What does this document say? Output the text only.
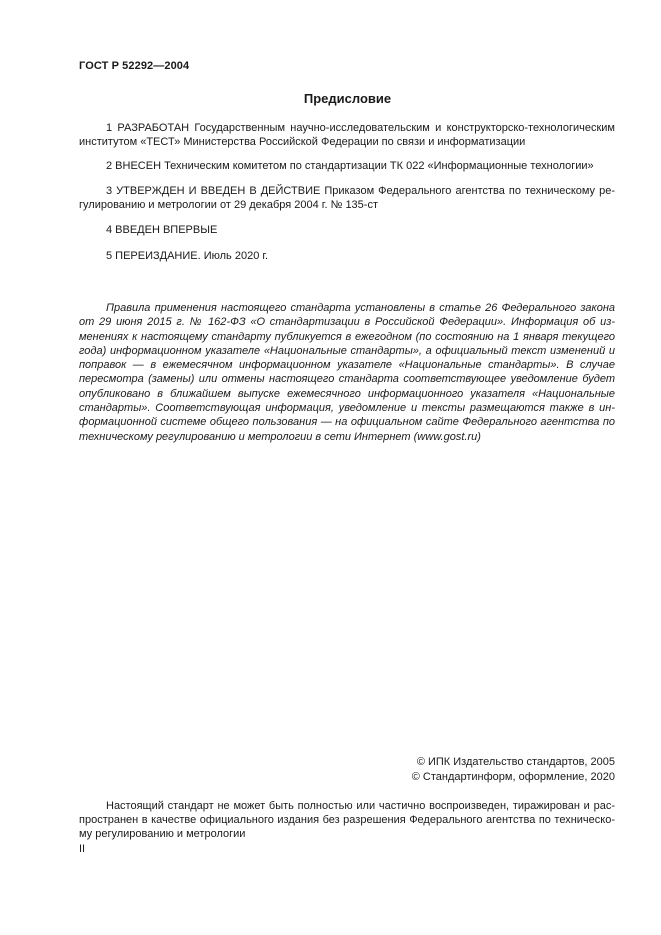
ГОСТ Р 52292—2004
Предисловие

1 РАЗРАБОТАН Государственным научно-исследовательским и конструкторско-технологическим институтом «ТЕСТ» Министерства Российской Федерации по связи и информатизации

2 ВНЕСЕН Техническим комитетом по стандартизации ТК 022 «Информационные технологии»

3 УТВЕРЖДЕН И ВВЕДЕН В ДЕЙСТВИЕ Приказом Федерального агентства по техническому ре-гулированию и метрологии от 29 декабря 2004 г. № 135-ст

4 ВВЕДЕН ВПЕРВЫЕ

5 ПЕРЕИЗДАНИЕ. Июль 2020 г.

Правила применения настоящего стандарта установлены в статье 26 Федерального закона от 29 июня 2015 г. № 162-ФЗ «О стандартизации в Российской Федерации». Информация об из-менениях к настоящему стандарту публикуется в ежегодном (по состоянию на 1 января текущего года) информационном указателе «Национальные стандарты», а официальный текст изменений и поправок — в ежемесячном информационном указателе «Национальные стандарты». В случае пересмотра (замены) или отмены настоящего стандарта соответствующее уведомление будет опубликовано в ближайшем выпуске ежемесячного информационного указателя «Национальные стандарты». Соответствующая информация, уведомление и тексты размещаются также в ин-формационной системе общего пользования — на официальном сайте Федерального агентства по техническому регулированию и метрологии в сети Интернет (www.gost.ru)

© ИПК Издательство стандартов, 2005
© Стандартинформ, оформление, 2020

Настоящий стандарт не может быть полностью или частично воспроизведен, тиражирован и рас-пространен в качестве официального издания без разрешения Федерального агентства по техническо-му регулированию и метрологии

II
